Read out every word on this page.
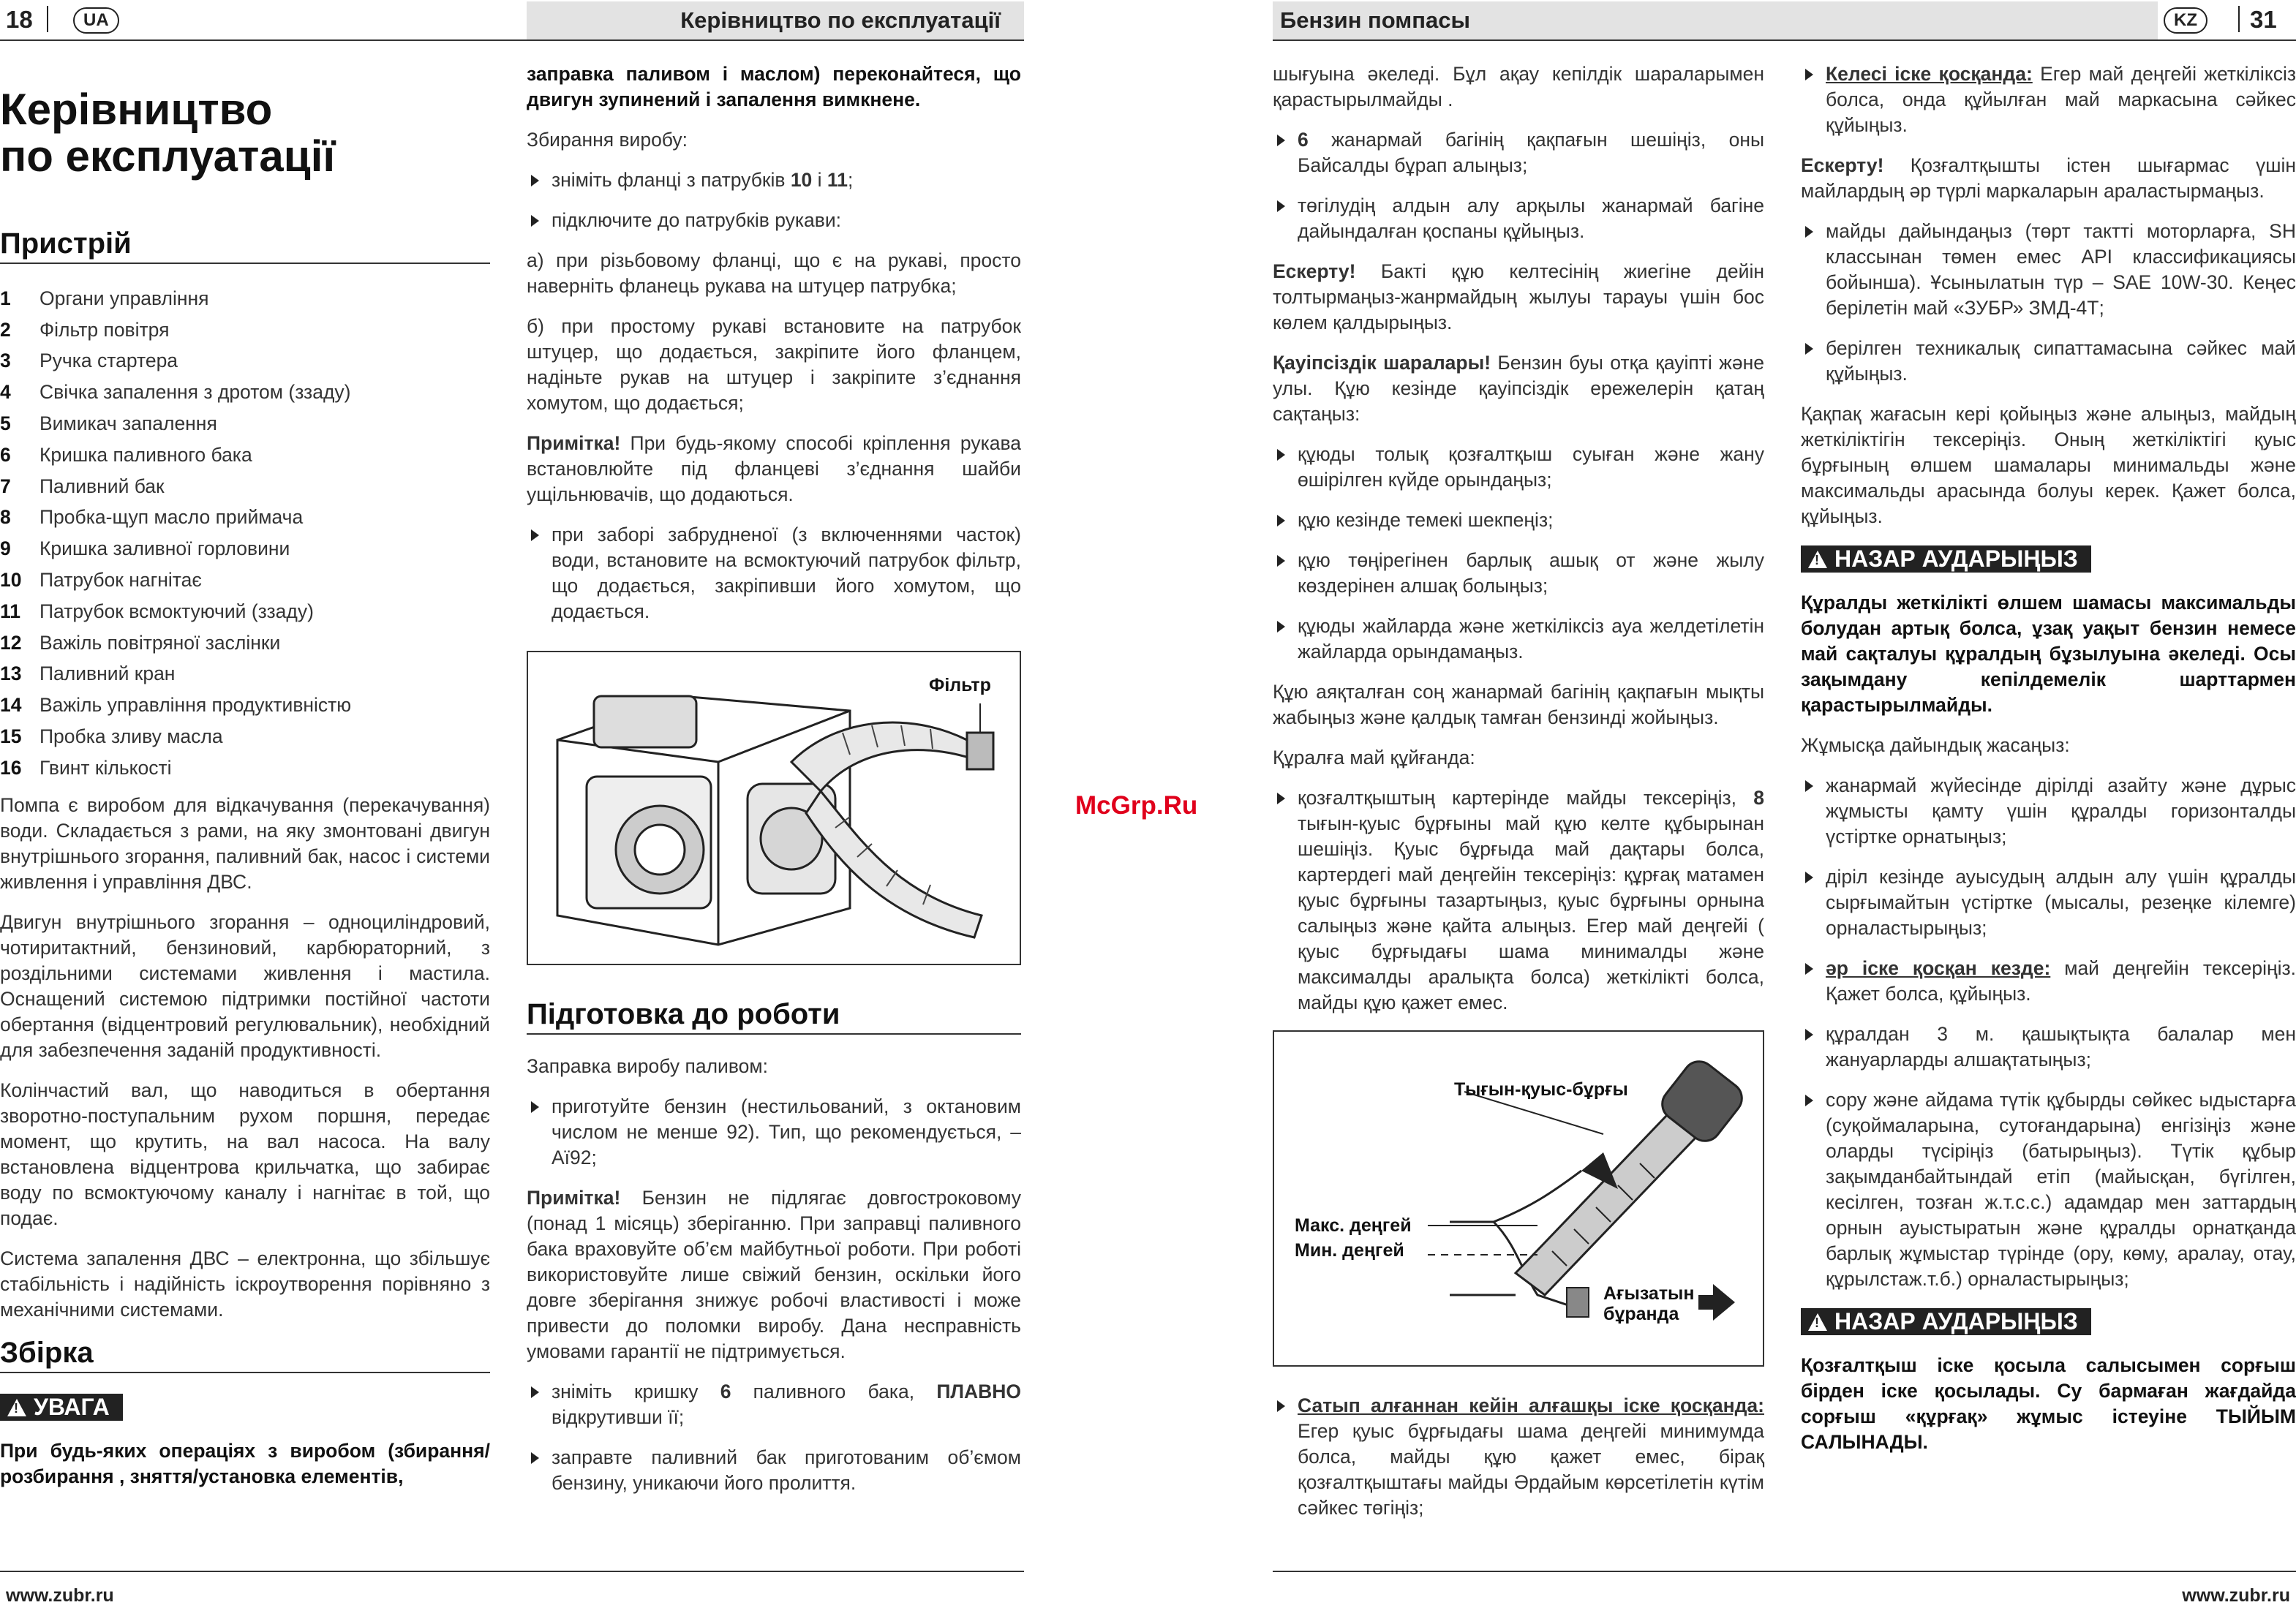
18	UA	Керівництво по експлуатації
Керівництво
по експлуатації
Пристрій
1	Органи управління
2	Фільтр повітря
3	Ручка стартера
4	Свічка запалення з дротом (ззаду)
5	Вимикач запалення
6	Кришка паливного бака
7	Паливний бак
8	Пробка-щуп масло приймача
9	Кришка заливної горловини
10 Патрубок нагнітає
11 Патрубок всмоктуючий (ззаду)
12 Важіль повітряної заслінки
13 Паливний кран
14 Важіль управління продуктивністю
15 Пробка зливу масла
16 Гвинт кількості

Помпа є виробом для відкачування (перекачування) води. Складається з рами, на яку змонтовані двигун внутрішнього згорання, паливний бак, насос і системи живлення і управління ДВС.

Двигун внутрішнього згорання – одноциліндровий, чотиритактний, бензиновий, карбюраторний, з роздільними системами живлення і мастила. Оснащений системою підтримки постійної частоти обертання (відцентровий регулювальник), необхідний для забезпечення заданій продуктивності.

Колінчастий вал, що наводиться в обертання зворотно-поступальним рухом поршня, передає момент, що крутить, на вал насоса. На валу встановлена відцентрова крильчатка, що забирає воду по всмоктуючому каналу і нагнітає в той, що подає.

Система запалення ДВС – електронна, що збільшує стабільність і надійність іскроутворення порівняно з механічними системами.

Збірка
!УВАГА

При будь-яких операціях з виробом (збирання/розбирання , зняття/установка елементів,

заправка паливом і маслом) переконайтеся, що двигун зупинений і запалення вимкнене.

Збирання виробу:

зніміть фланці з патрубків 10 і 11;
підключите до патрубків рукави:

а) при різьбовому фланці, що є на рукаві, просто наверніть фланець рукава на штуцер патрубка;

б) при простому рукаві встановите на патрубок штуцер, що додається, закріпите його фланцем, надіньте рукав на штуцер і закріпите з’єднання хомутом, що додається;

Примітка! При будь-якому способі кріплення рукава встановлюйте під фланцеві з’єднання шайби ущільнювачів, що додаються.

при заборі забрудненої (з включеннями часток) води, встановите на всмоктуючий патрубок фільтр, що додається, закріпивши його хомутом, що додається.
Фільтр
Підготовка до роботи

Заправка виробу паливом:

приготуйте бензин (нестильований, з октановим числом не менше 92). Тип, що рекомендується, – Аї92;

Примітка! Бензин не підлягає довгостроковому (понад 1 місяць) зберіганню. При заправці паливного бака враховуйте об’єм майбутньої роботи. При роботі використовуйте лише свіжий бензин, оскільки його довге зберігання знижує робочі властивості і може привести до поломки виробу. Дана несправність умовами гарантії не підтримується.

зніміть кришку 6 паливного бака, ПЛАВНО відкрутивши її;
заправте паливний бак приготованим об’ємом бензину, уникаючи його пролиття.
www.zubr.ru
McGrp.Ru
Бензин помпасы	KZ	31

шығуына әкеледі. Бұл ақау кепілдік шараларымен қарастырылмайды .

6 жанармай багінің қақпағын шешіңіз, оны Байсалды бұрап алыңыз;
төгілудің алдын алу арқылы жанармай багіне дайындалған қоспаны құйыңыз.

Ескерту! Бакті құю келтесінің жиегіне дейін толтырмаңыз-жанрмайдың жылуы тарауы үшін бос көлем қалдырыңыз.

Қауіпсіздік шаралары! Бензин буы отқа қауіпті және улы. Құю кезінде қауіпсіздік ережелерін қатаң сақтаңыз:

құюды толық қозғалтқыш суыған және жану өшірілген күйде орындаңыз;
құю кезінде темекі шекпеңіз;
құю төңірегінен барлық ашық от және жылу көздерінен алшақ болыңыз;
құюды жайларда және жеткіліксіз ауа желдетілетін жайларда орындамаңыз.

Құю аяқталған соң жанармай бaгінің қақпағын мықты жабыңыз және қалдық тамған бензинді жойыңыз.

Құралға май құйғанда:

қозғалтқыштың картерінде майды тексеріңіз, 8 тығын-қуыс бұрғыны май құю келте құбырынан шешіңіз. Қуыс бұрғыда май дақтары болса, картердегі май деңгейін тексеріңіз: құрғақ матамен қуыс бұрғыны тазартыңыз, қуыс бұрғыны орнына салыңыз және қайта алыңыз. Егер май деңгейі ( қуыс бұрғыдағы шама минималды және максималды аралықта болса) жеткілікті болса, майды құю қажет емес.
Тығын-қуыс-бұрғы
Макс. деңгей
Мин. деңгей
Ағызатын
бұранда
Сатып алғаннан кейін алғашқы іске қосқанда: Егер қуыс бұрғыдағы шама деңгейі минимумда болса, майды құю қажет емес, бірақ қозғалтқыштағы майды Әрдайым көрсетілетін күтім сәйкес төгіңіз;
Келесі іске қосқанда: Егер май деңгейі жеткіліксіз болса, онда құйылған май маркасына сәйкес құйыңыз.

Ескерту! Қозғалтқышты істен шығармас үшін майлардың әр түрлі маркаларын араластырмаңыз.

майды дайындаңыз (төрт тактті моторларға, SH классынан төмен емес API классификациясы бойынша). Ұсынылатын түр – SAE 10W-30. Кеңес берілетін май «ЗУБР» ЗМД-4Т;
берілген техникалық сипаттамасына сәйкес май құйыңыз.

Қақпақ жағасын кері қойыңыз және алыңыз, майдың жеткіліктігін тексеріңіз. Оның жеткіліктігі қуыс бұрғының өлшем шамалары минимальды және максимальды арасында болуы керек. Қажет болса, құйыңыз.

!НАЗАР АУДАРЫҢЫЗ

Құралды жеткілікті өлшем шамасы максимальды болудан артық болса, ұзақ уақыт бензин немесе май сақталуы құралдың бұзылуына әкеледі. Осы зақымдану кепілдемелік шарттармен қарастырылмайды.

Жұмысқа дайындық жасаңыз:

жанармай жүйесінде дірілді азайту және дұрыс жұмысты қамту үшін құралды горизонталды үстіртке орнатыңыз;
діріл кезінде ауысудың алдын алу үшін құралды сырғымайтын үстіртке (мысалы, резеңке кілемге) орналастырыңыз;
әр іске қосқан кезде: май деңгейін тексеріңіз. Қажет болса, құйыңыз.
құралдан 3 м. қашықтықта балалар мен жануарларды алшақтатыңыз;
сору және айдама түтік құбырды сөйкес ыдыстарға (суқоймаларына, сутоғандарына) енгізіңіз және оларды түсіріңіз (батырыңыз). Түтік құбыр зақымданбайтындай етіп (майысқан, бүгілген, кесілген, тозған ж.т.с.с.) адамдар мен заттардың орнын ауыстыратын және құралды орнатқанда барлық жұмыстар түрінде (ору, көму, аралау, отау, құрылстаж.т.б.) орналастырыңыз;
!НАЗАР АУДАРЫҢЫЗ

Қозғалтқыш іске қосыла салысымен сорғыш бірден іске қосылады. Су бармаған жағдайда сорғыш «құрғақ» жұмыс істеуіне ТЫЙЫМ САЛЫНАДЫ.

www.zubr.ru
